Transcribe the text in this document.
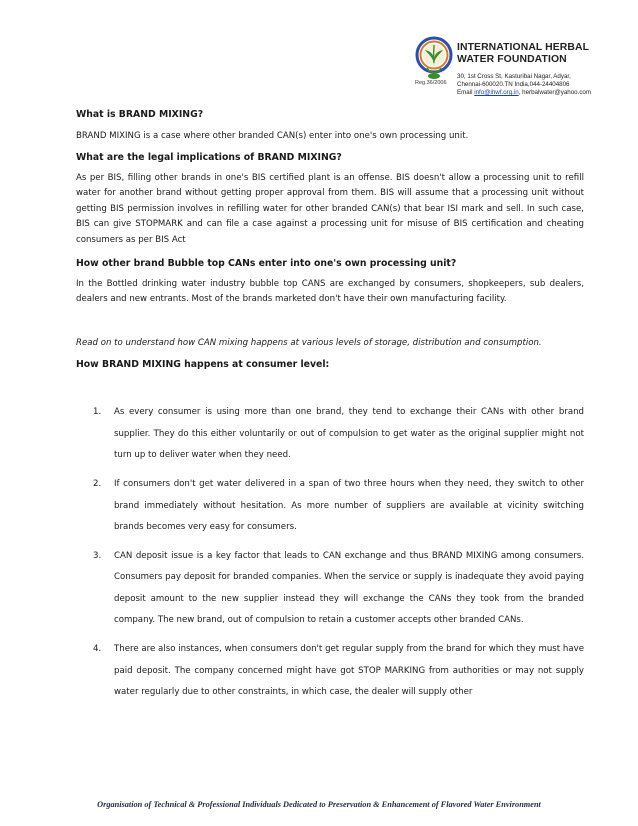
Reg.36/2006
INTERNATIONAL HERBAL
WATER FOUNDATION
30, 1st Cross St, Kasturibai Nagar, Adyar,
Chennai-600020.TN India,044-24404806
Email info@ihwf.org.in, herbalwater@yahoo.com
What is BRAND MIXING?

BRAND MIXING is a case where other branded CAN(s) enter into one's own processing unit.

What are the legal implications of BRAND MIXING?

As per BIS, filling other brands in one's BIS certified plant is an offense. BIS doesn't allow a processing unit to refill water for another brand without getting proper approval from them. BIS will assume that a processing unit without getting BIS permission involves in refilling water for other branded CAN(s) that bear ISI mark and sell. In such case, BIS can give STOPMARK and can file a case against a processing unit for misuse of BIS certification and cheating consumers as per BIS Act

How other brand Bubble top CANs enter into one's own processing unit?

In the Bottled drinking water industry bubble top CANS are exchanged by consumers, shopkeepers, sub dealers, dealers and new entrants. Most of the brands marketed don't have their own manufacturing facility.

Read on to understand how CAN mixing happens at various levels of storage, distribution and consumption.

How BRAND MIXING happens at consumer level:
1. As every consumer is using more than one brand, they tend to exchange their CANs with other brand supplier. They do this either voluntarily or out of compulsion to get water as the original supplier might not turn up to deliver water when they need.
2. If consumers don't get water delivered in a span of two three hours when they need, they switch to other brand immediately without hesitation. As more number of suppliers are available at vicinity switching brands becomes very easy for consumers.
3. CAN deposit issue is a key factor that leads to CAN exchange and thus BRAND MIXING among consumers. Consumers pay deposit for branded companies. When the service or supply is inadequate they avoid paying deposit amount to the new supplier instead they will exchange the CANs they took from the branded company. The new brand, out of compulsion to retain a customer accepts other branded CANs.
4. There are also instances, when consumers don't get regular supply from the brand for which they must have paid deposit. The company concerned might have got STOP MARKING from authorities or may not supply water regularly due to other constraints, in which case, the dealer will supply other
Organisation of Technical & Professional Individuals Dedicated to Preservation & Enhancement of Flavored Water Environment
